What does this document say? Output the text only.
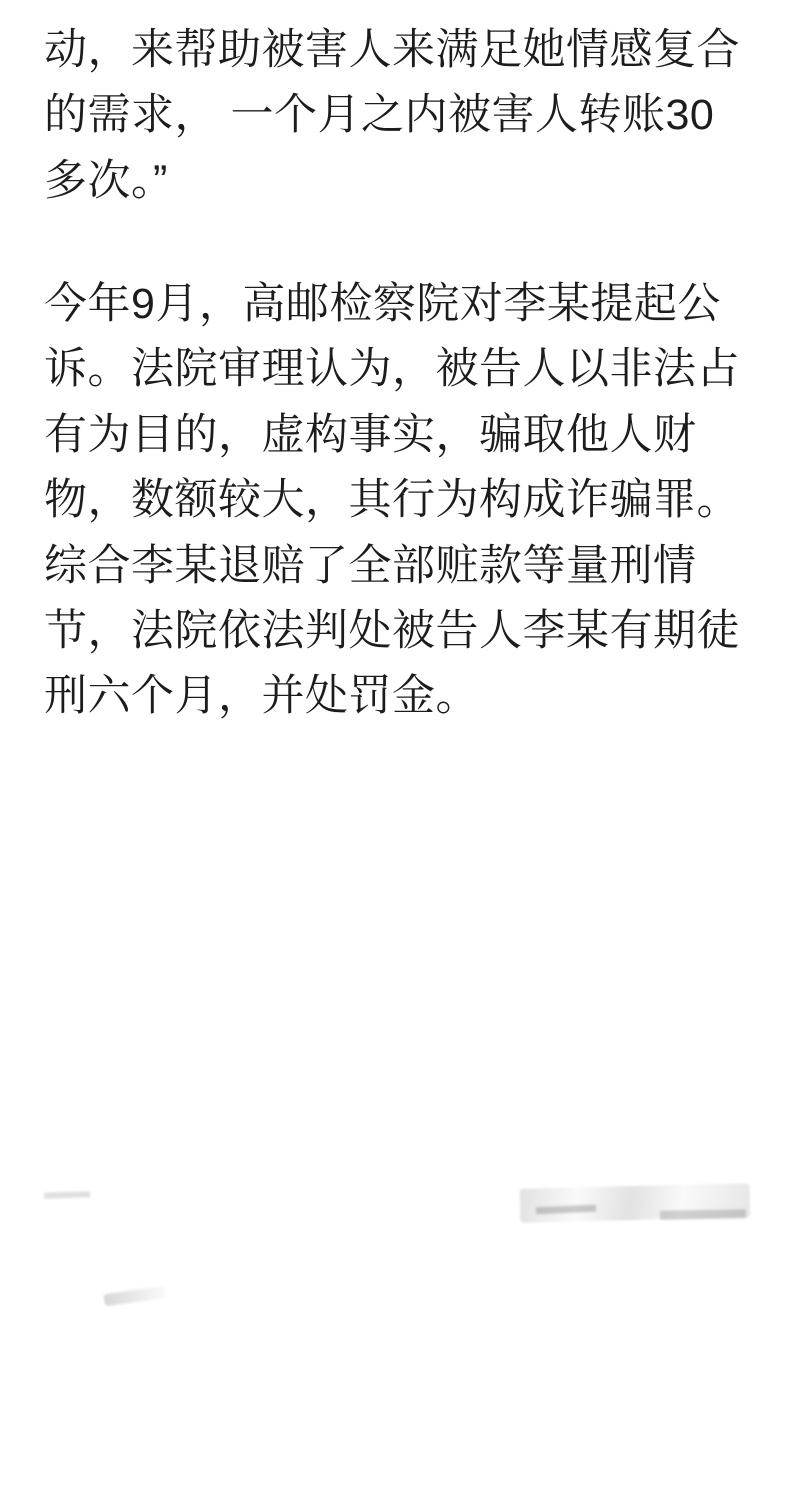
动，来帮助被害人来满足她情感复合的需求， 一个月之内被害人转账30多次。”

今年9月，高邮检察院对李某提起公诉。法院审理认为，被告人以非法占有为目的，虚构事实，骗取他人财物，数额较大，其行为构成诈骗罪。综合李某退赔了全部赃款等量刑情节，法院依法判处被告人李某有期徒刑六个月，并处罚金。
